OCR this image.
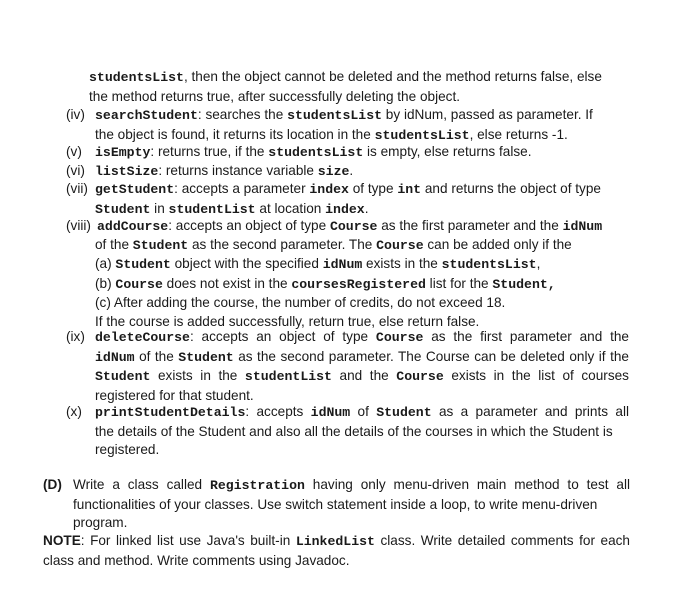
studentsList, then the object cannot be deleted and the method returns false, else
the method returns true, after successfully deleting the object.
(iv) searchStudent: searches the studentsList by idNum, passed as parameter. If
the object is found, it returns its location in the studentsList, else returns -1.
(v) isEmpty: returns true, if the studentsList is empty, else returns false.
(vi) listSize: returns instance variable size.
(vii) getStudent: accepts a parameter index of type int and returns the object of type
Student in studentList at location index.
(viii) addCourse: accepts an object of type Course as the first parameter and the idNum
of the Student as the second parameter. The Course can be added only if the
(a) Student object with the specified idNum exists in the studentsList,
(b) Course does not exist in the coursesRegistered list for the Student,
(c) After adding the course, the number of credits, do not exceed 18.
If the course is added successfully, return true, else return false.
(ix) deleteCourse: accepts an object of type Course as the first parameter and the
idNum of the Student as the second parameter. The Course can be deleted only if the
Student exists in the studentList and the Course exists in the list of courses
registered for that student.
(x) printStudentDetails: accepts idNum of Student as a parameter and prints all
the details of the Student and also all the details of the courses in which the Student is
registered.
(D) Write a class called Registration having only menu-driven main method to test all
functionalities of your classes. Use switch statement inside a loop, to write menu-driven
program.
NOTE: For linked list use Java's built-in LinkedList class. Write detailed comments for each
class and method. Write comments using Javadoc.
